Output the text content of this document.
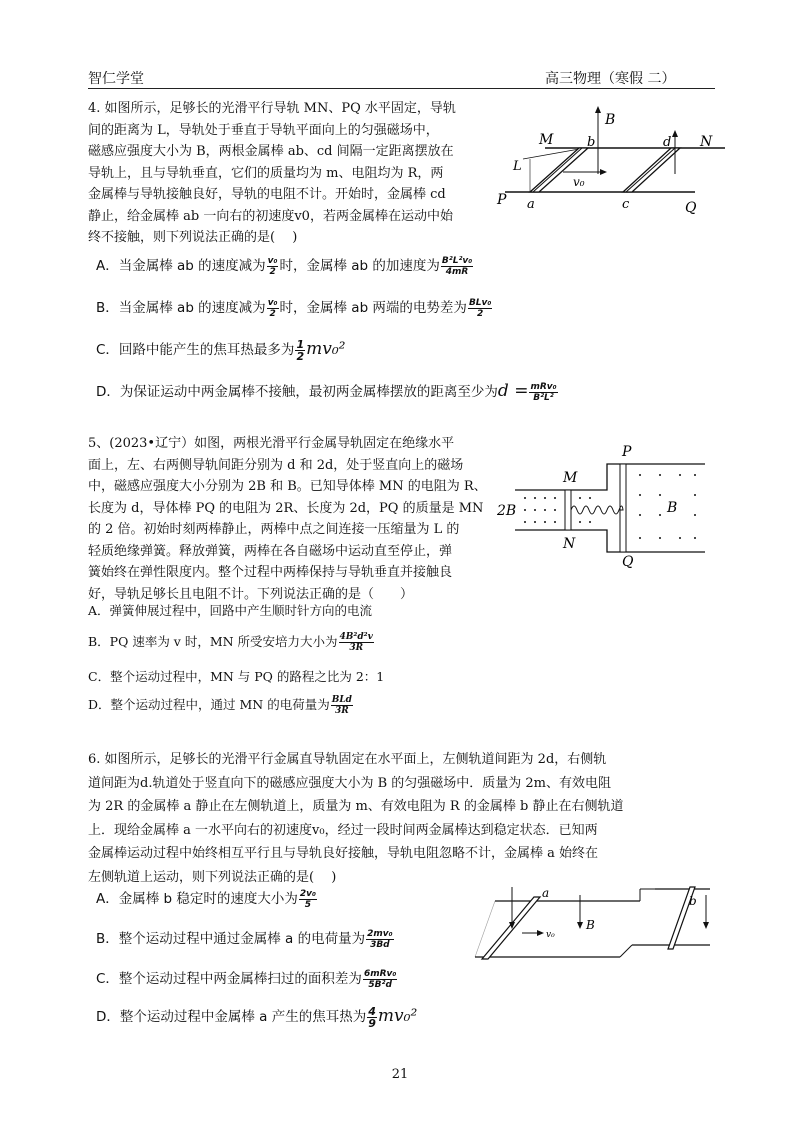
智仁学堂	高三物理（寒假 二）
4. 如图所示，足够长的光滑平行导轨 MN、PQ 水平固定，导轨
间的距离为 L，导轨处于垂直于导轨平面向上的匀强磁场中，
磁感应强度大小为 B，两根金属棒 ab、cd 间隔一定距离摆放在
导轨上，且与导轨垂直，它们的质量均为 m、电阻均为 R，两
金属棒与导轨接触良好，导轨的电阻不计。开始时，金属棒 cd
静止，给金属棒 ab 一向右的初速度v0，若两金属棒在运动中始
终不接触，则下列说法正确的是(　 )
M	N
P	Q
B
a
b
c
d
L
v₀
A．当金属棒 ab 的速度减为 $\frac{\text{v₀}}{2}$ 时，金属棒 ab 的加速度为 $\frac{\text{B²L²v₀}}{4mR}$
B．当金属棒 ab 的速度减为 $\frac{\text{v₀}}{2}$ 时，金属棒 ab 两端的电势差为 $\frac{\text{BLv₀}}{2}$
C．回路中能产生的焦耳热最多为 $\frac{1}{2} mv_0^2$
D．为保证运动中两金属棒不接触，最初两金属棒摆放的距离至少为$d = \frac{\text{mRv₀}}{\text{B²L²}}$
5、(2023•辽宁）如图，两根光滑平行金属导轨固定在绝缘水平
面上，左、右两侧导轨间距分别为 d 和 2d，处于竖直向上的磁场
中，磁感应强度大小分别为 2B 和 B。已知导体棒 MN 的电阻为 R、
长度为 d，导体棒 PQ 的电阻为 2R、长度为 2d，PQ 的质量是 MN
的 2 倍。初始时刻两棒静止，两棒中点之间连接一压缩量为 L 的
轻质绝缘弹簧。释放弹簧，两棒在各自磁场中运动直至停止，弹
簧始终在弹性限度内。整个过程中两棒保持与导轨垂直并接触良
好，导轨足够长且电阻不计。下列说法正确的是（　　）
M
N
P
Q
2B	B
A．弹簧伸展过程中，回路中产生顺时针方向的电流
B．PQ 速率为 v 时，MN 所受安培力大小为 $\frac{\text{4B²d²v}}{3R}$
C．整个运动过程中，MN 与 PQ 的路程之比为 2：1
D．整个运动过程中，通过 MN 的电荷量为 $\frac{\text{BLd}}{3R}$
6. 如图所示，足够长的光滑平行金属直导轨固定在水平面上，左侧轨道间距为 2d，右侧轨
道间距为d.轨道处于竖直向下的磁感应强度大小为 B 的匀强磁场中．质量为 2m、有效电阻
为 2R 的金属棒 a 静止在左侧轨道上，质量为 m、有效电阻为 R 的金属棒 b 静止在右侧轨道
上．现给金属棒 a 一水平向右的初速度v₀，经过一段时间两金属棒达到稳定状态．已知两
金属棒运动过程中始终相互平行且与导轨良好接触，导轨电阻忽略不计，金属棒 a 始终在
左侧轨道上运动，则下列说法正确的是(　 )
A．金属棒 b 稳定时的速度大小为 $\frac{\text{2v₀}}{5}$
B．整个运动过程中通过金属棒 a 的电荷量为 $\frac{\text{2mv₀}}{3Bd}$
C．整个运动过程中两金属棒扫过的面积差为 $\frac{\text{6mRv₀}}{\text{5B²d}}$
D．整个运动过程中金属棒 a 产生的焦耳热为 $\frac{4}{9} mv_0^2$
a
b
B
v₀
21
